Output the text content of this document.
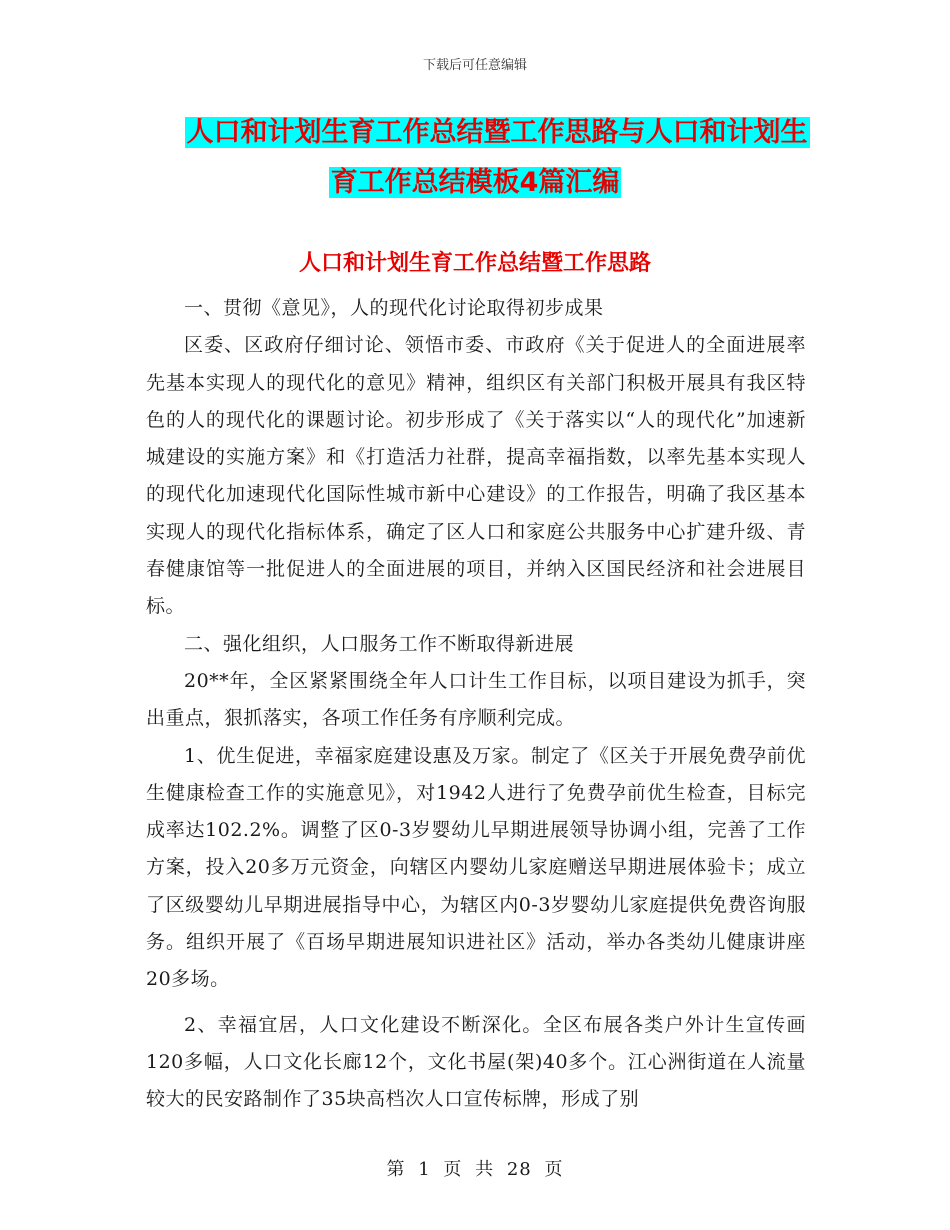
下载后可任意编辑
人口和计划生育工作总结暨工作思路与人口和计划生
育工作总结模板4篇汇编
人口和计划生育工作总结暨工作思路

一、贯彻《意见》，人的现代化讨论取得初步成果

区委、区政府仔细讨论、领悟市委、市政府《关于促进人的全面进展率先基本实现人的现代化的意见》精神，组织区有关部门积极开展具有我区特色的人的现代化的课题讨论。初步形成了《关于落实以“人的现代化”加速新城建设的实施方案》和《打造活力社群，提高幸福指数，以率先基本实现人的现代化加速现代化国际性城市新中心建设》的工作报告，明确了我区基本实现人的现代化指标体系，确定了区人口和家庭公共服务中心扩建升级、青春健康馆等一批促进人的全面进展的项目，并纳入区国民经济和社会进展目标。

二、强化组织，人口服务工作不断取得新进展

20**年，全区紧紧围绕全年人口计生工作目标，以项目建设为抓手，突出重点，狠抓落实，各项工作任务有序顺利完成。

1、优生促进，幸福家庭建设惠及万家。制定了《区关于开展免费孕前优生健康检查工作的实施意见》，对1942人进行了免费孕前优生检查，目标完成率达102.2%。调整了区0-3岁婴幼儿早期进展领导协调小组，完善了工作方案，投入20多万元资金，向辖区内婴幼儿家庭赠送早期进展体验卡；成立了区级婴幼儿早期进展指导中心，为辖区内0-3岁婴幼儿家庭提供免费咨询服务。组织开展了《百场早期进展知识进社区》活动，举办各类幼儿健康讲座20多场。

2、幸福宜居，人口文化建设不断深化。全区布展各类户外计生宣传画120多幅，人口文化长廊12个，文化书屋(架)40多个。江心洲街道在人流量较大的民安路制作了35块高档次人口宣传标牌，形成了别

第 1 页 共 28 页
